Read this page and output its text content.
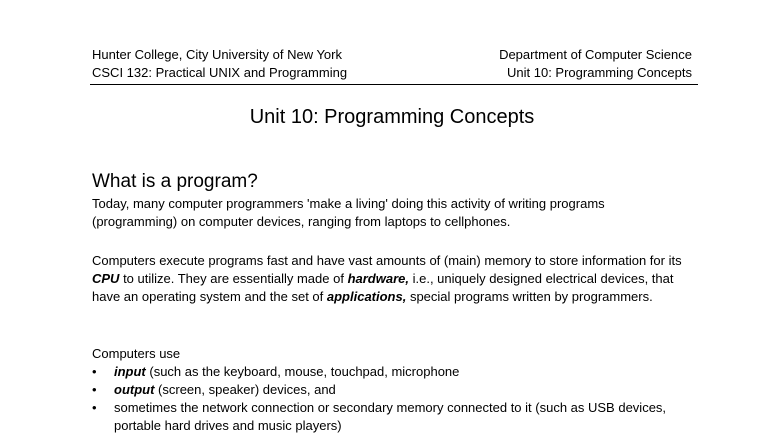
Hunter College, City University of New York
CSCI 132: Practical UNIX and Programming
Department of Computer Science
Unit 10: Programming Concepts
Unit 10: Programming Concepts
What is a program?
Today, many computer programmers 'make a living' doing this activity of writing programs (programming) on computer devices, ranging from laptops to cellphones.
Computers execute programs fast and have vast amounts of (main) memory to store information for its CPU to utilize. They are essentially made of hardware, i.e., uniquely designed electrical devices, that have an operating system and the set of applications, special programs written by programmers.
Computers use
• input (such as the keyboard, mouse, touchpad, microphone
• output (screen, speaker) devices, and
• sometimes the network connection or secondary memory connected to it (such as USB devices, portable hard drives and music players)
